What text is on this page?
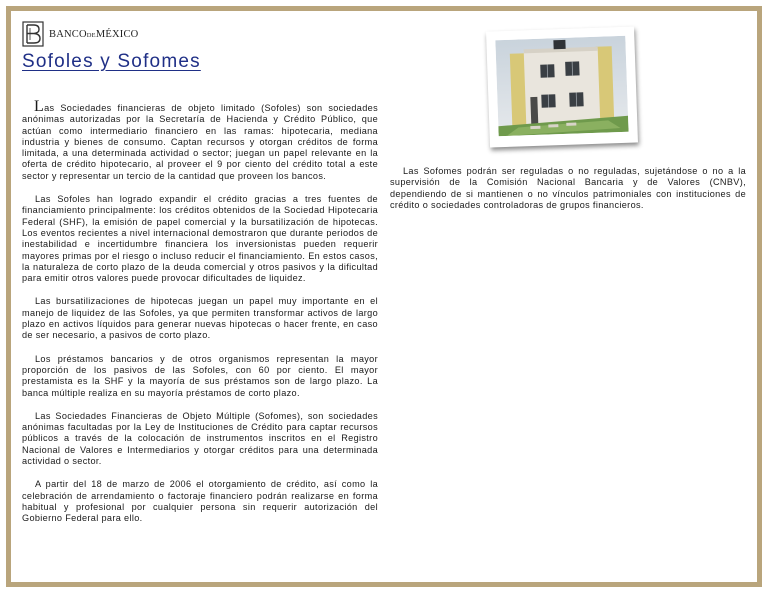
BANCODEMÉXICO
Sofoles y Sofomes

Las Sociedades financieras de objeto limitado (Sofoles) son sociedades anónimas autorizadas por la Secretaría de Hacienda y Crédito Público, que actúan como intermediario financiero en las ramas: hipotecaria, mediana industria y bienes de consumo. Captan recursos y otorgan créditos de forma limitada, a una determinada actividad o sector; juegan un papel relevante en la oferta de crédito hipotecario, al proveer el 9 por ciento del crédito total a este sector y representar un tercio de la cantidad que proveen los bancos.

Las Sofoles han logrado expandir el crédito gracias a tres fuentes de financiamiento principalmente: los créditos obtenidos de la Sociedad Hipotecaria Federal (SHF), la emisión de papel comercial y la bursatilización de hipotecas. Los eventos recientes a nivel internacional demostraron que durante periodos de inestabilidad e incertidumbre financiera los inversionistas pueden requerir mayores primas por el riesgo o incluso reducir el financiamiento. En estos casos, la naturaleza de corto plazo de la deuda comercial y otros pasivos y la dificultad para emitir otros valores puede provocar dificultades de liquidez.

Las bursatilizaciones de hipotecas juegan un papel muy importante en el manejo de liquidez de las Sofoles, ya que permiten transformar activos de largo plazo en activos líquidos para generar nuevas hipotecas o hacer frente, en caso de ser necesario, a pasivos de corto plazo.

Los préstamos bancarios y de otros organismos representan la mayor proporción de los pasivos de las Sofoles, con 60 por ciento. El mayor prestamista es la SHF y la mayoría de sus préstamos son de largo plazo. La banca múltiple realiza en su mayoría préstamos de corto plazo.

Las Sociedades Financieras de Objeto Múltiple (Sofomes), son sociedades anónimas facultadas por la Ley de Instituciones de Crédito para captar recursos públicos a través de la colocación de instrumentos inscritos en el Registro Nacional de Valores e Intermediarios y otorgar créditos para una determinada actividad o sector.

A partir del 18 de marzo de 2006 el otorgamiento de crédito, así como la celebración de arrendamiento o factoraje financiero podrán realizarse en forma habitual y profesional por cualquier persona sin requerir autorización del Gobierno Federal para ello.

Las Sofomes podrán ser reguladas o no reguladas, sujetándose o no a la supervisión de la Comisión Nacional Bancaria y de Valores (CNBV), dependiendo de si mantienen o no vínculos patrimoniales con instituciones de crédito o sociedades controladoras de grupos financieros.
